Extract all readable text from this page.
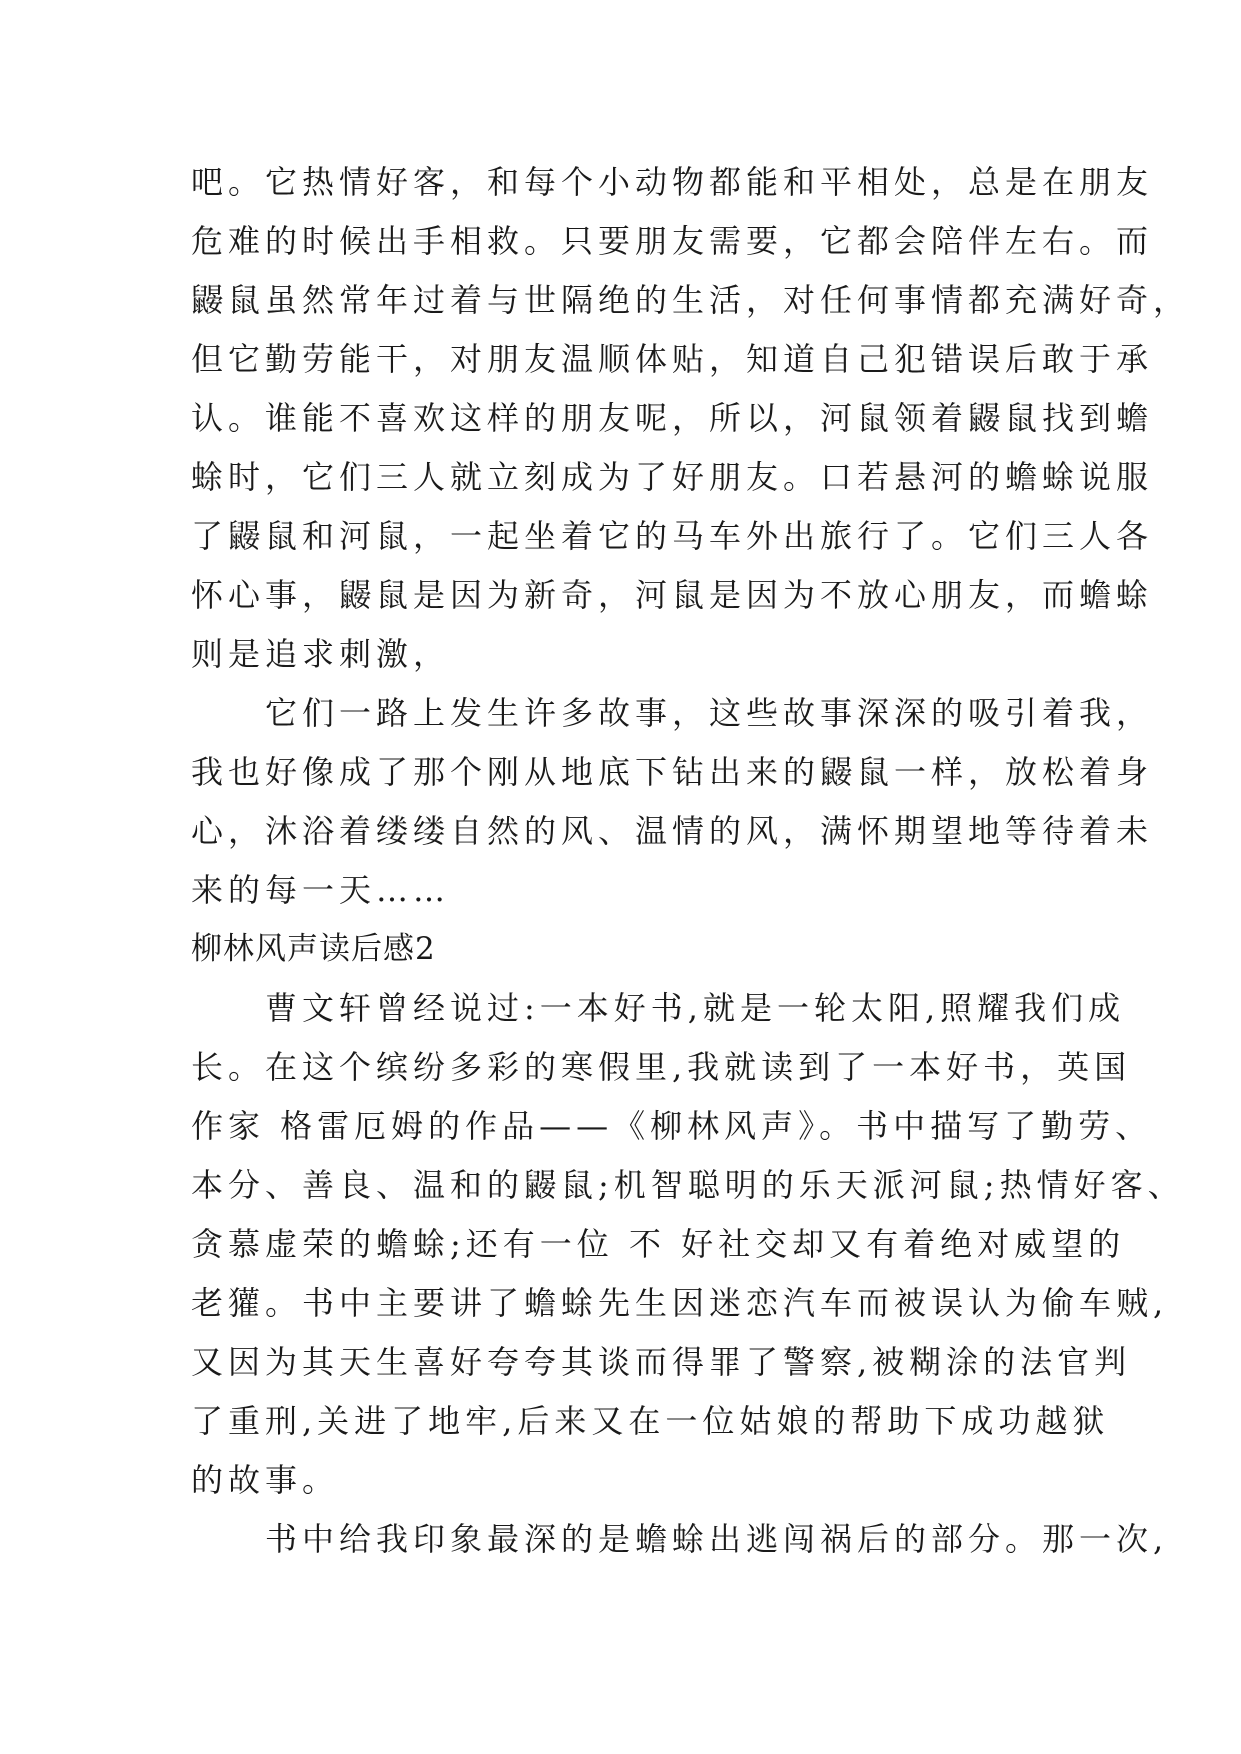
吧。它热情好客，和每个小动物都能和平相处，总是在朋友
危难的时候出手相救。只要朋友需要，它都会陪伴左右。而
鼹鼠虽然常年过着与世隔绝的生活，对任何事情都充满好奇，
但它勤劳能干，对朋友温顺体贴，知道自己犯错误后敢于承
认。谁能不喜欢这样的朋友呢，所以，河鼠领着鼹鼠找到蟾
蜍时，它们三人就立刻成为了好朋友。口若悬河的蟾蜍说服
了鼹鼠和河鼠，一起坐着它的马车外出旅行了。它们三人各
怀心事，鼹鼠是因为新奇，河鼠是因为不放心朋友，而蟾蜍
则是追求刺激，
　　它们一路上发生许多故事，这些故事深深的吸引着我，
我也好像成了那个刚从地底下钻出来的鼹鼠一样，放松着身
心，沐浴着缕缕自然的风、温情的风，满怀期望地等待着未
来的每一天……
柳林风声读后感2
　　曹文轩曾经说过:一本好书,就是一轮太阳,照耀我们成
长。在这个缤纷多彩的寒假里,我就读到了一本好书，英国
作家 格雷厄姆的作品——《柳林风声》。书中描写了勤劳、
本分、善良、温和的鼹鼠;机智聪明的乐天派河鼠;热情好客、
贪慕虚荣的蟾蜍;还有一位 不 好社交却又有着绝对威望的
老獾。书中主要讲了蟾蜍先生因迷恋汽车而被误认为偷车贼,
又因为其天生喜好夸夸其谈而得罪了警察,被糊涂的法官判
了重刑,关进了地牢,后来又在一位姑娘的帮助下成功越狱
的故事。
　　书中给我印象最深的是蟾蜍出逃闯祸后的部分。那一次,
